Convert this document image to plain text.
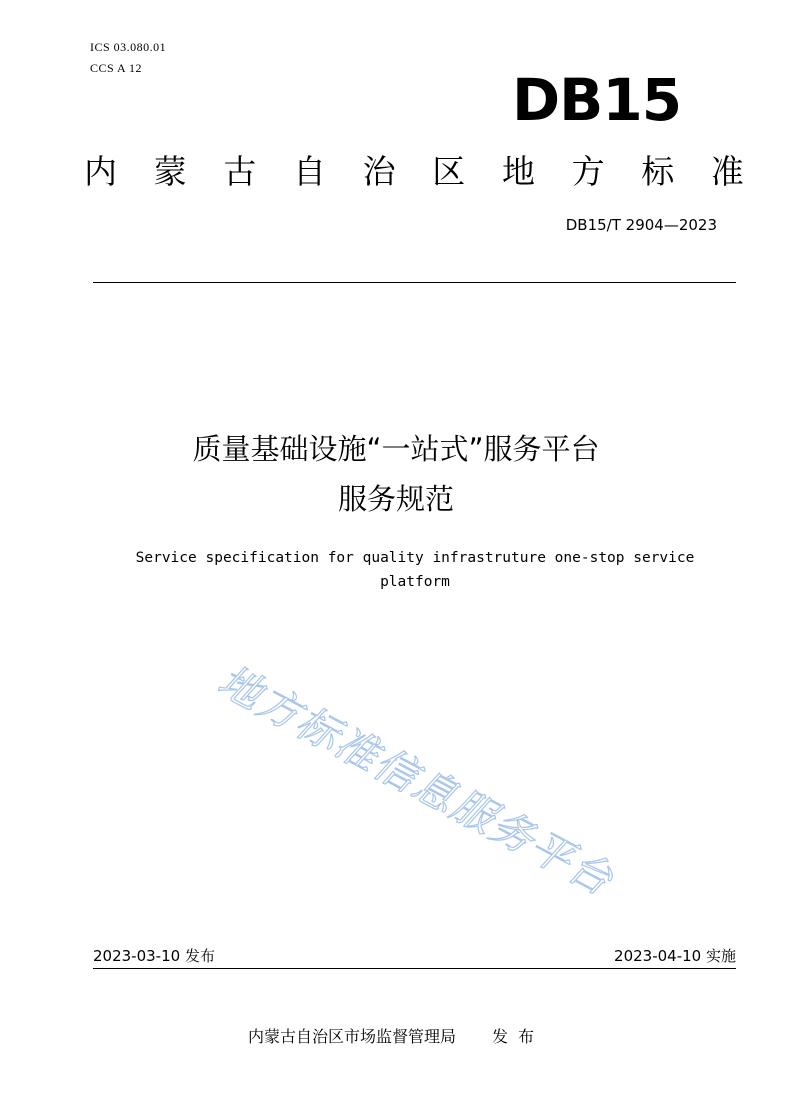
ICS 03.080.01
CCS A 12	DB15
内 蒙 古 自 治 区 地 方 标 准
DB15/T 2904—2023
质量基础设施“一站式”服务平台
服务规范
Service specification for quality infrastruture one-stop service
platform
地方标准信息服务平台
2023-03-10 发布	2023-04-10 实施
内蒙古自治区市场监督管理局 发布
